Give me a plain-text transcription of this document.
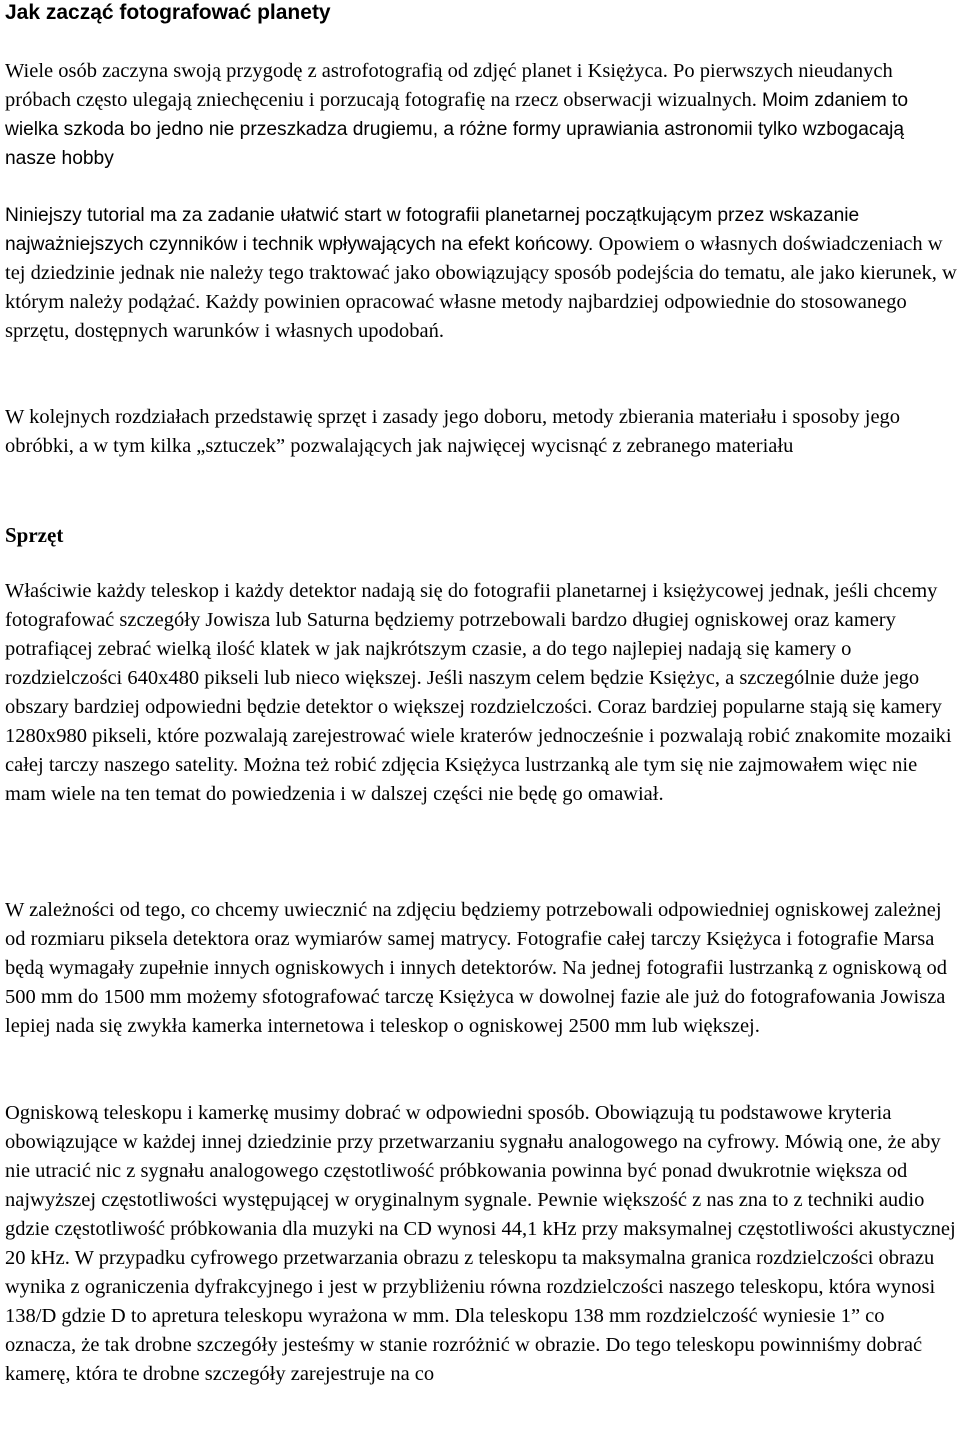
Jak zacząć fotografować planety

Wiele osób zaczyna swoją przygodę z astrofotografią od zdjęć planet i Księżyca. Po pierwszych nieudanych próbach często ulegają zniechęceniu i porzucają fotografię na rzecz obserwacji wizualnych. Moim zdaniem to wielka szkoda bo jedno nie przeszkadza drugiemu, a różne formy uprawiania astronomii tylko wzbogacają nasze hobby

Niniejszy tutorial ma za zadanie ułatwić start w fotografii planetarnej początkującym przez wskazanie najważniejszych czynników i technik wpływających na efekt końcowy. Opowiem o własnych doświadczeniach w tej dziedzinie jednak nie należy tego traktować jako obowiązujący sposób podejścia do tematu, ale jako kierunek, w którym należy podążać. Każdy powinien opracować własne metody najbardziej odpowiednie do stosowanego sprzętu, dostępnych warunków i własnych upodobań.

W kolejnych rozdziałach przedstawię sprzęt i zasady jego doboru, metody zbierania materiału i sposoby jego obróbki, a w tym kilka „sztuczek” pozwalających jak najwięcej wycisnąć z zebranego materiału

Sprzęt

Właściwie każdy teleskop i każdy detektor nadają się do fotografii planetarnej i księżycowej jednak, jeśli chcemy fotografować szczegóły Jowisza lub Saturna będziemy potrzebowali bardzo długiej ogniskowej oraz kamery potrafiącej zebrać wielką ilość klatek w jak najkrótszym czasie, a do tego najlepiej nadają się kamery o rozdzielczości 640x480 pikseli lub nieco większej. Jeśli naszym celem będzie Księżyc, a szczególnie duże jego obszary bardziej odpowiedni będzie detektor o większej rozdzielczości. Coraz bardziej popularne stają się kamery 1280x980 pikseli, które pozwalają zarejestrować wiele kraterów jednocześnie i pozwalają robić znakomite mozaiki całej tarczy naszego satelity. Można też robić zdjęcia Księżyca lustrzanką ale tym się nie zajmowałem więc nie mam wiele na ten temat do powiedzenia i w dalszej części nie będę go omawiał.

W zależności od tego, co chcemy uwiecznić na zdjęciu będziemy potrzebowali odpowiedniej ogniskowej zależnej od rozmiaru piksela detektora oraz wymiarów samej matrycy. Fotografie całej tarczy Księżyca i fotografie Marsa będą wymagały zupełnie innych ogniskowych i innych detektorów. Na jednej fotografii lustrzanką z ogniskową od 500 mm do 1500 mm możemy sfotografować tarczę Księżyca w dowolnej fazie ale już do fotografowania Jowisza lepiej nada się zwykła kamerka internetowa i teleskop o ogniskowej 2500 mm lub większej.

Ogniskową teleskopu i kamerkę musimy dobrać w odpowiedni sposób. Obowiązują tu podstawowe kryteria obowiązujące w każdej innej dziedzinie przy przetwarzaniu sygnału analogowego na cyfrowy. Mówią one, że aby nie utracić nic z sygnału analogowego częstotliwość próbkowania powinna być ponad dwukrotnie większa od najwyższej częstotliwości występującej w oryginalnym sygnale. Pewnie większość z nas zna to z techniki audio gdzie częstotliwość próbkowania dla muzyki na CD wynosi 44,1 kHz przy maksymalnej częstotliwości akustycznej 20 kHz. W przypadku cyfrowego przetwarzania obrazu z teleskopu ta maksymalna granica rozdzielczości obrazu wynika z ograniczenia dyfrakcyjnego i jest w przybliżeniu równa rozdzielczości naszego teleskopu, która wynosi 138/D gdzie D to apretura teleskopu wyrażona w mm. Dla teleskopu 138 mm rozdzielczość wyniesie 1” co oznacza, że tak drobne szczegóły jesteśmy w stanie rozróżnić w obrazie. Do tego teleskopu powinniśmy dobrać kamerę, która te drobne szczegóły zarejestruje na co
